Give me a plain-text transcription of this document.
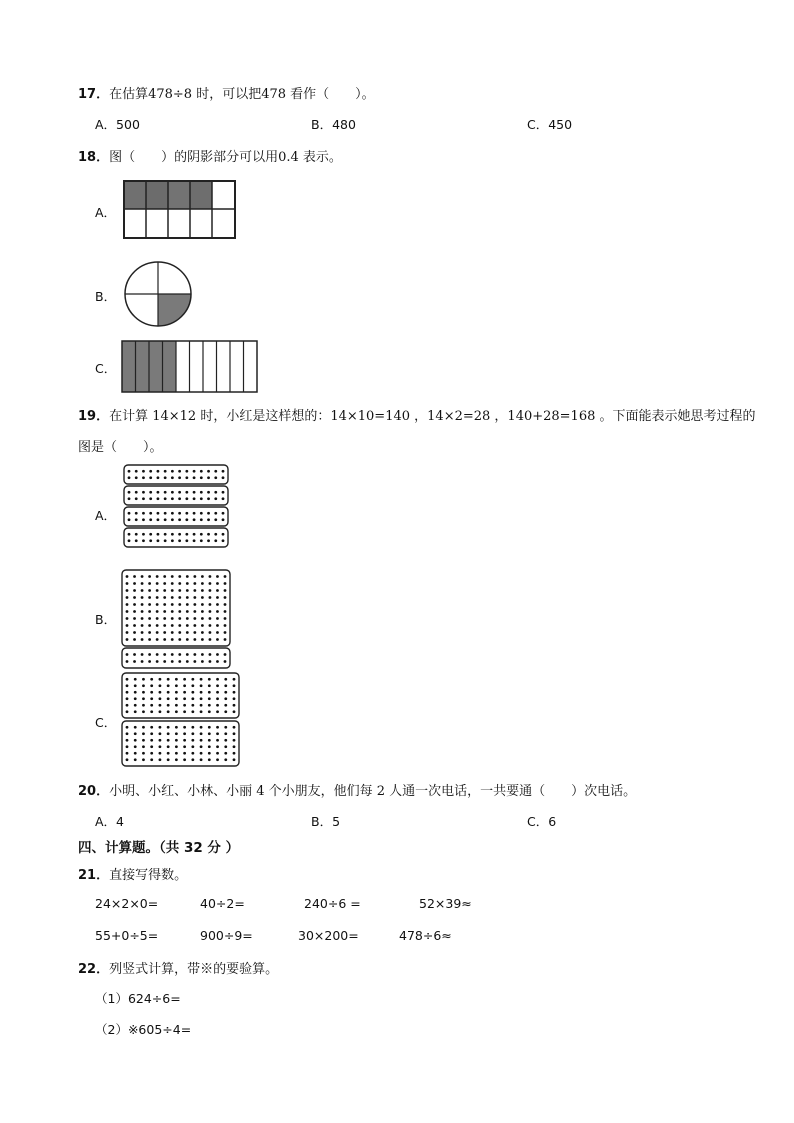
17．在估算478÷8 时，可以把478 看作（　　）。
A．500	B．480	C．450
18．图（　　）的阴影部分可以用0.4 表示。
A．
B．
C．
19．在计算 14×12 时，小红是这样想的：14×10=140 ，14×2=28 ，140+28=168 。下面能表示她思考过程的
图是（　　）。
A．
B．
C．
20．小明、小红、小林、小丽 4 个小朋友，他们每 2 人通一次电话，一共要通（　　）次电话。
A．4	B．5	C．6
四、计算题。（共 32 分 ）
21．直接写得数。
24×2×0=	40÷2=	240÷6 =	52×39≈
55+0÷5=	900÷9=	30×200=	478÷6≈
22．列竖式计算，带※的要验算。
（1）624÷6=
（2）※605÷4=
